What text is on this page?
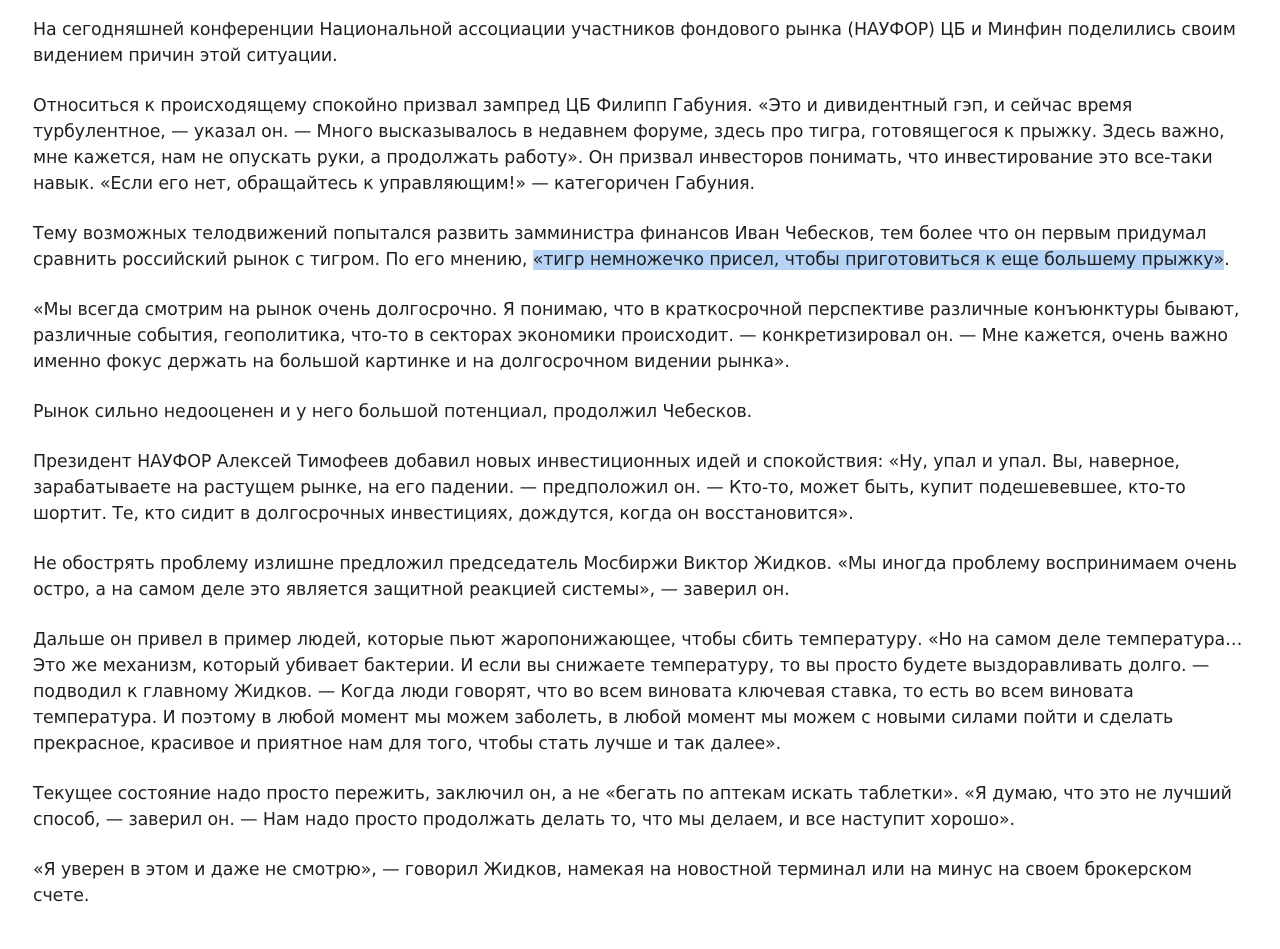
На сегодняшней конференции Национальной ассоциации участников фондового рынка (НАУФОР) ЦБ и Минфин поделились своим видением причин этой ситуации.

Относиться к происходящему спокойно призвал зампред ЦБ Филипп Габуния. «Это и дивидентный гэп, и сейчас время турбулентное, — указал он. — Много высказывалось в недавнем форуме, здесь про тигра, готовящегося к прыжку. Здесь важно, мне кажется, нам не опускать руки, а продолжать работу». Он призвал инвесторов понимать, что инвестирование это все-таки навык. «Если его нет, обращайтесь к управляющим!» — категоричен Габуния.

Тему возможных телодвижений попытался развить замминистра финансов Иван Чебесков, тем более что он первым придумал сравнить российский рынок с тигром. По его мнению, «тигр немножечко присел, чтобы приготовиться к еще большему прыжку».

«Мы всегда смотрим на рынок очень долгосрочно. Я понимаю, что в краткосрочной перспективе различные конъюнктуры бывают, различные события, геополитика, что-то в секторах экономики происходит. — конкретизировал он. — Мне кажется, очень важно именно фокус держать на большой картинке и на долгосрочном видении рынка».

Рынок сильно недооценен и у него большой потенциал, продолжил Чебесков.

Президент НАУФОР Алексей Тимофеев добавил новых инвестиционных идей и спокойствия: «Ну, упал и упал. Вы, наверное, зарабатываете на растущем рынке, на его падении. — предположил он. — Кто-то, может быть, купит подешевевшее, кто-то шортит. Те, кто сидит в долгосрочных инвестициях, дождутся, когда он восстановится».

Не обострять проблему излишне предложил председатель Мосбиржи Виктор Жидков. «Мы иногда проблему воспринимаем очень остро, а на самом деле это является защитной реакцией системы», — заверил он.

Дальше он привел в пример людей, которые пьют жаропонижающее, чтобы сбить температуру. «Но на самом деле температура… Это же механизм, который убивает бактерии. И если вы снижаете температуру, то вы просто будете выздоравливать долго. — подводил к главному Жидков. — Когда люди говорят, что во всем виновата ключевая ставка, то есть во всем виновата температура. И поэтому в любой момент мы можем заболеть, в любой момент мы можем с новыми силами пойти и сделать прекрасное, красивое и приятное нам для того, чтобы стать лучше и так далее».

Текущее состояние надо просто пережить, заключил он, а не «бегать по аптекам искать таблетки». «Я думаю, что это не лучший способ, — заверил он. — Нам надо просто продолжать делать то, что мы делаем, и все наступит хорошо».

«Я уверен в этом и даже не смотрю», — говорил Жидков, намекая на новостной терминал или на минус на своем брокерском счете.
